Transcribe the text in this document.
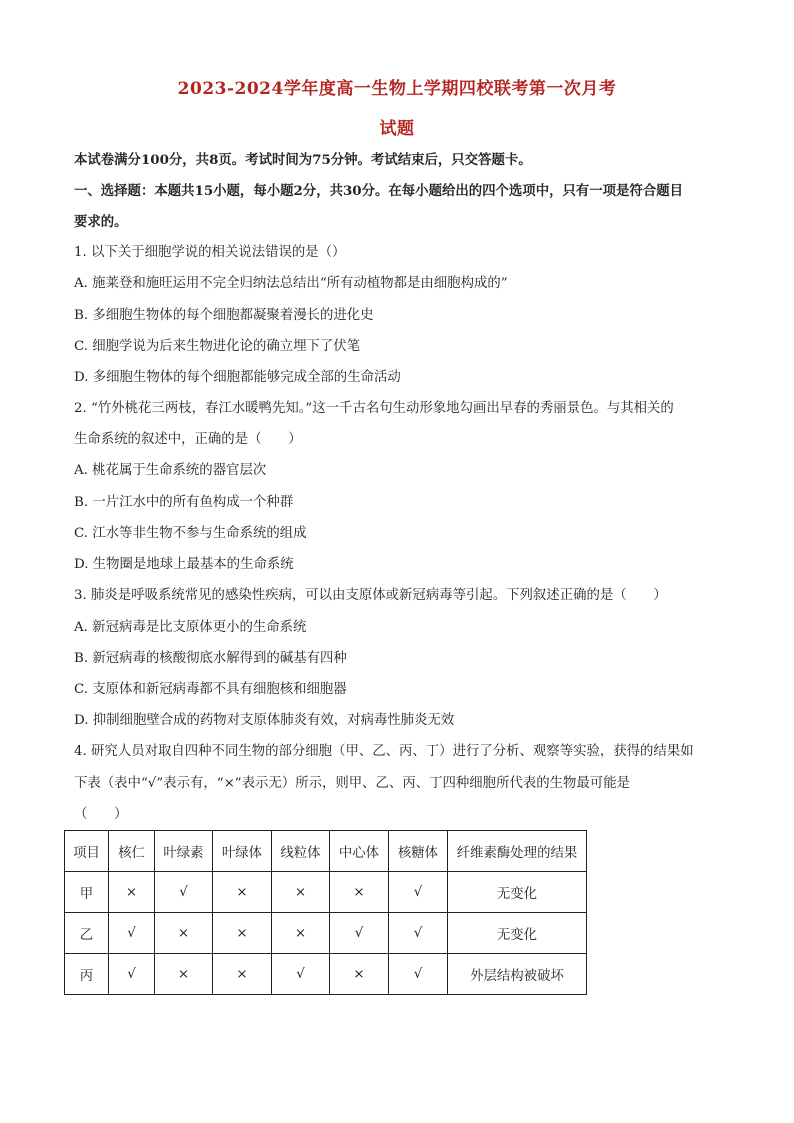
2023-2024学年度高一生物上学期四校联考第一次月考
试题
本试卷满分100分，共8页。考试时间为75分钟。考试结束后，只交答题卡。
一、选择题：本题共15小题，每小题2分，共30分。在每小题给出的四个选项中，只有一项是符合题目
要求的。
1. 以下关于细胞学说的相关说法错误的是（）
A. 施莱登和施旺运用不完全归纳法总结出“所有动植物都是由细胞构成的”
B. 多细胞生物体的每个细胞都凝聚着漫长的进化史
C. 细胞学说为后来生物进化论的确立埋下了伏笔
D. 多细胞生物体的每个细胞都能够完成全部的生命活动
2. “竹外桃花三两枝，春江水暖鸭先知。”这一千古名句生动形象地勾画出早春的秀丽景色。与其相关的
生命系统的叙述中，正确的是（　　）
A. 桃花属于生命系统的器官层次
B. 一片江水中的所有鱼构成一个种群
C. 江水等非生物不参与生命系统的组成
D. 生物圈是地球上最基本的生命系统
3. 肺炎是呼吸系统常见的感染性疾病，可以由支原体或新冠病毒等引起。下列叙述正确的是（　　）
A. 新冠病毒是比支原体更小的生命系统
B. 新冠病毒的核酸彻底水解得到的碱基有四种
C. 支原体和新冠病毒都不具有细胞核和细胞器
D. 抑制细胞壁合成的药物对支原体肺炎有效，对病毒性肺炎无效
4. 研究人员对取自四种不同生物的部分细胞（甲、乙、丙、丁）进行了分析、观察等实验，获得的结果如
下表（表中“√”表示有，“×”表示无）所示，则甲、乙、丙、丁四种细胞所代表的生物最可能是
（　　）
项目	核仁	叶绿素	叶绿体	线粒体	中心体	核糖体	纤维素酶处理的结果
甲	×	√	×	×	×	√	无变化
乙	√	×	×	×	√	√	无变化
丙	√	×	×	√	×	√	外层结构被破坏
